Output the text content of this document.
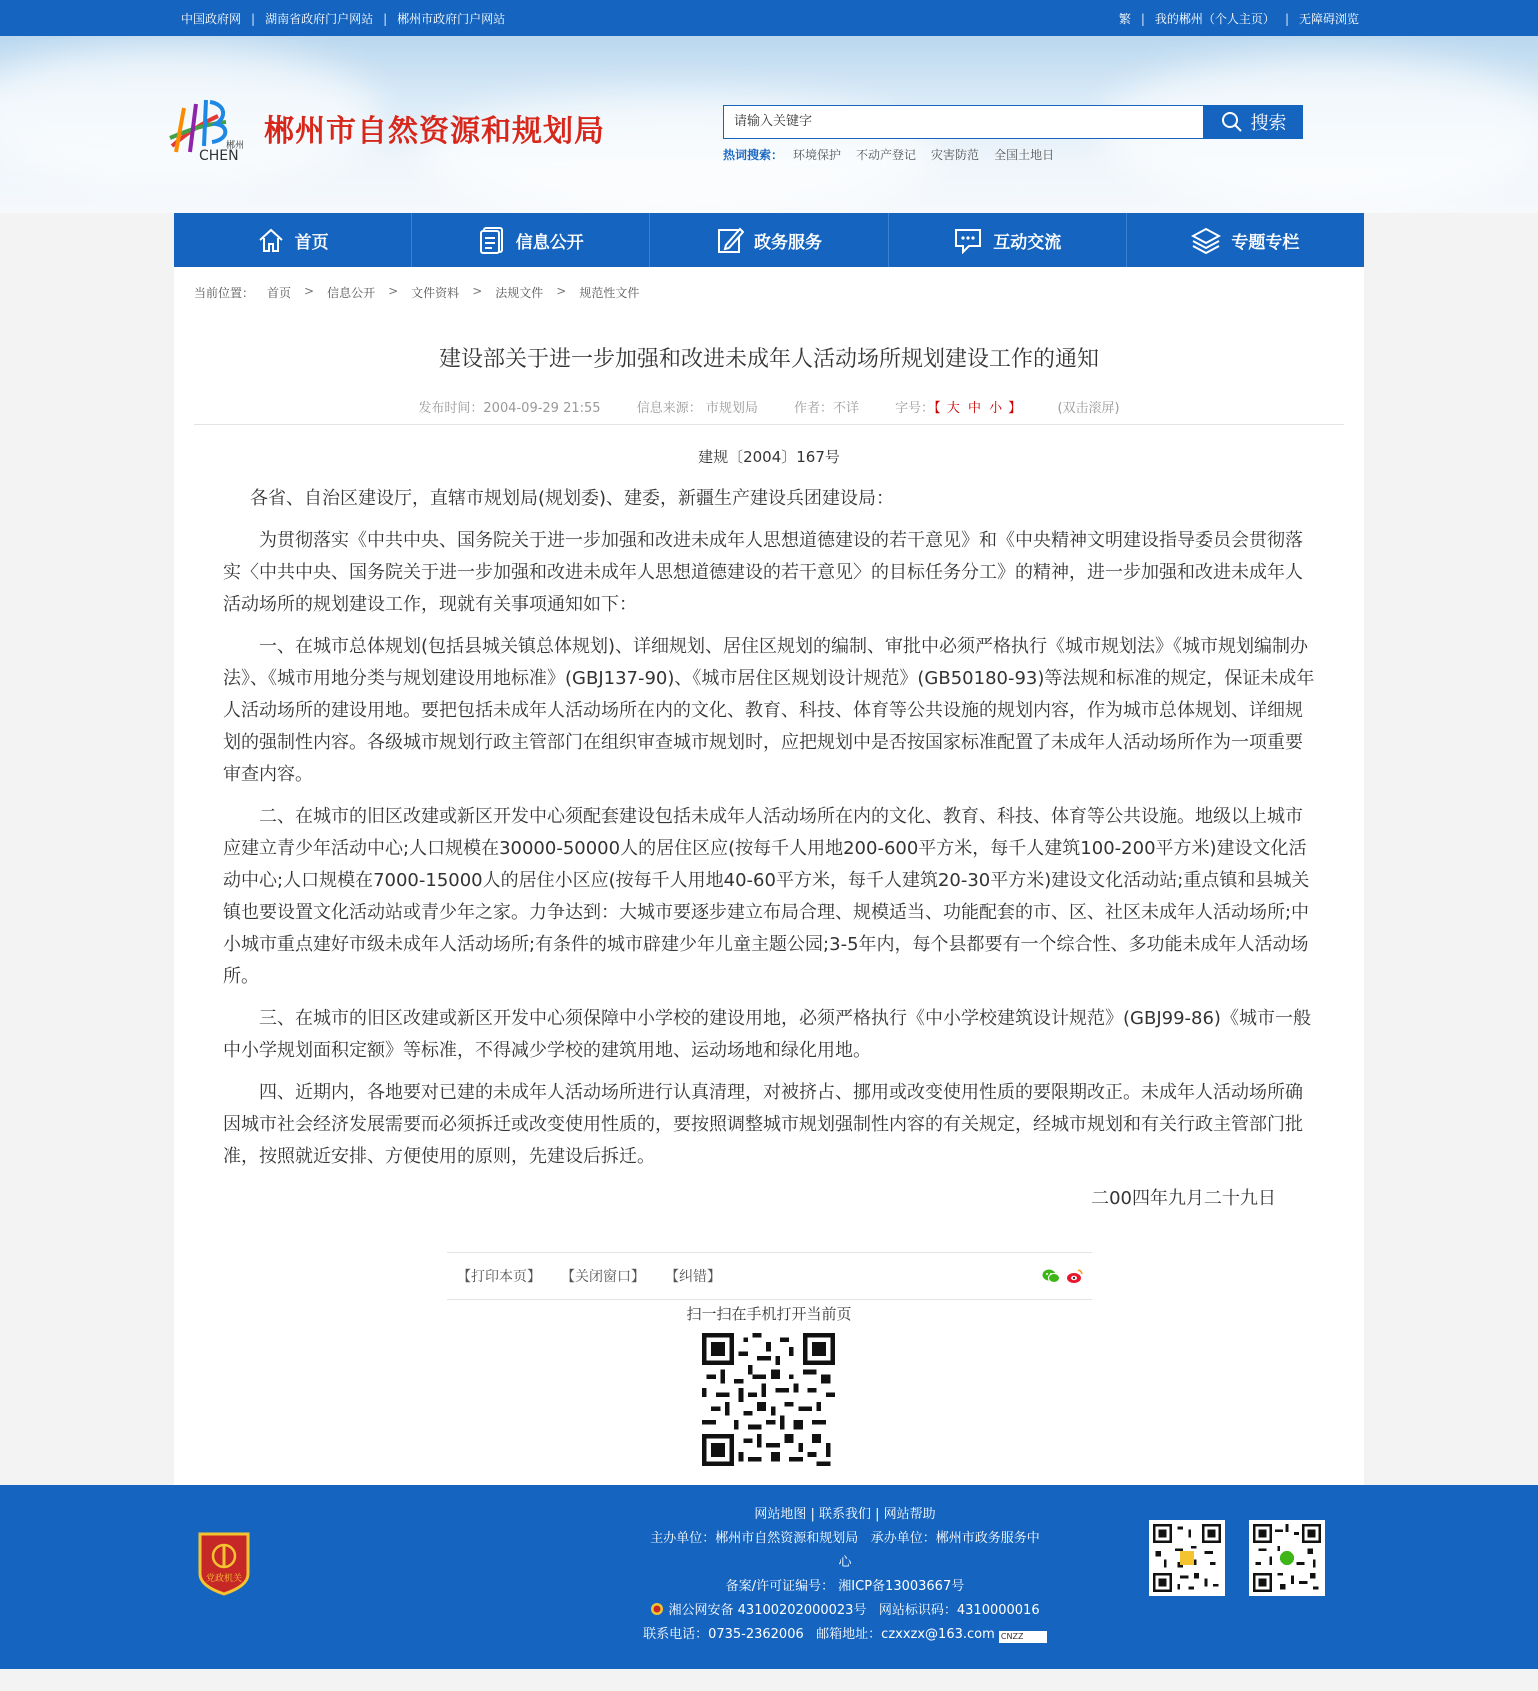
中国政府网 | 湖南省政府门户网站 | 郴州市政府门户网站	繁 | 我的郴州（个人主页） | 无障碍浏览
郴州
CHEN
郴州市自然资源和规划局	请输入关键字	搜索
热词搜索： 环境保护 不动产登记 灾害防范 全国土地日
首页	信息公开	政务服务	互动交流	专题专栏
当前位置： 首页 > 信息公开 > 文件资料 > 法规文件 > 规范性文件
建设部关于进一步加强和改进未成年人活动场所规划建设工作的通知
发布时间：2004-09-29 21:55	信息来源： 市规划局	作者：不详	字号：【 大 中 小 】	(双击滚屏)
建规〔2004〕167号

各省、自治区建设厅，直辖市规划局(规划委)、建委，新疆生产建设兵团建设局：

为贯彻落实《中共中央、国务院关于进一步加强和改进未成年人思想道德建设的若干意见》和《中央精神文明建设指导委员会贯彻落实〈中共中央、国务院关于进一步加强和改进未成年人思想道德建设的若干意见〉的目标任务分工》的精神，进一步加强和改进未成年人活动场所的规划建设工作，现就有关事项通知如下：

一、在城市总体规划(包括县城关镇总体规划)、详细规划、居住区规划的编制、审批中必须严格执行《城市规划法》《城市规划编制办法》、《城市用地分类与规划建设用地标准》(GBJ137-90)、《城市居住区规划设计规范》(GB50180-93)等法规和标准的规定，保证未成年人活动场所的建设用地。要把包括未成年人活动场所在内的文化、教育、科技、体育等公共设施的规划内容，作为城市总体规划、详细规划的强制性内容。各级城市规划行政主管部门在组织审查城市规划时，应把规划中是否按国家标准配置了未成年人活动场所作为一项重要审查内容。

二、在城市的旧区改建或新区开发中心须配套建设包括未成年人活动场所在内的文化、教育、科技、体育等公共设施。地级以上城市应建立青少年活动中心;人口规模在30000-50000人的居住区应(按每千人用地200-600平方米，每千人建筑100-200平方米)建设文化活动中心;人口规模在7000-15000人的居住小区应(按每千人用地40-60平方米，每千人建筑20-30平方米)建设文化活动站;重点镇和县城关镇也要设置文化活动站或青少年之家。力争达到：大城市要逐步建立布局合理、规模适当、功能配套的市、区、社区未成年人活动场所;中小城市重点建好市级未成年人活动场所;有条件的城市辟建少年儿童主题公园;3-5年内，每个县都要有一个综合性、多功能未成年人活动场所。

三、在城市的旧区改建或新区开发中心须保障中小学校的建设用地，必须严格执行《中小学校建筑设计规范》(GBJ99-86)《城市一般中小学规划面积定额》等标准，不得减少学校的建筑用地、运动场地和绿化用地。

四、近期内，各地要对已建的未成年人活动场所进行认真清理，对被挤占、挪用或改变使用性质的要限期改正。未成年人活动场所确因城市社会经济发展需要而必须拆迁或改变使用性质的，要按照调整城市规划强制性内容的有关规定，经城市规划和有关行政主管部门批准，按照就近安排、方便使用的原则，先建设后拆迁。

二00四年九月二十九日

【打印本页】 【关闭窗口】 【纠错】
扫一扫在手机打开当前页
党政机关
网站地图 | 联系我们 | 网站帮助
主办单位：郴州市自然资源和规划局 承办单位：郴州市政务服务中
心
备案/许可证编号： 湘ICP备13003667号
湘公网安备 43100202000023号 网站标识码：4310000016
联系电话：0735-2362006 邮箱地址：czxxzx@163.com CNZZ
